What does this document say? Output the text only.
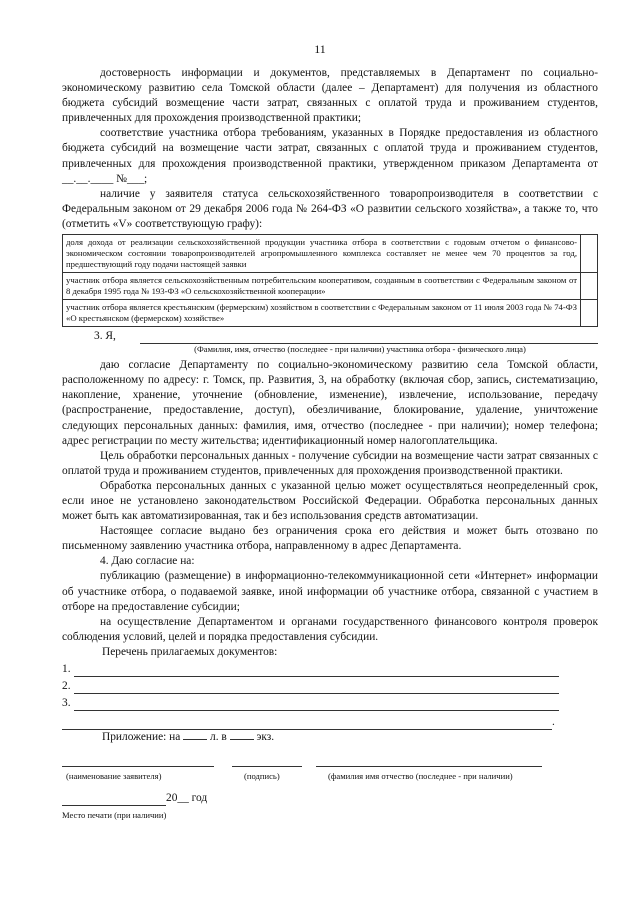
11

достоверность информации и документов, представляемых в Департамент по социально-экономическому развитию села Томской области (далее – Департамент) для получения из областного бюджета субсидий возмещение части затрат, связанных с оплатой труда и проживанием студентов, привлеченных для прохождения производственной практики;

соответствие участника отбора требованиям, указанных в Порядке предоставления из областного бюджета субсидий на возмещение части затрат, связанных с оплатой труда и проживанием студентов, привлеченных для прохождения производственной практики, утвержденном приказом Департамента от __.__.____ №___;

наличие у заявителя статуса сельскохозяйственного товаропроизводителя в соответствии с Федеральным законом от 29 декабря 2006 года № 264-ФЗ «О развитии сельского хозяйства», а также то, что (отметить «V» соответствующую графу):

доля дохода от реализации сельскохозяйственной продукции участника отбора в соответствии с годовым отчетом о финансово-экономическом состоянии товаропроизводителей агропромышленного комплекса составляет не менее чем 70 процентов за год, предшествующий году подачи настоящей заявки	
участник отбора является сельскохозяйственным потребительским кооперативом, созданным в соответствии с Федеральным законом от 8 декабря 1995 года № 193-ФЗ «О сельскохозяйственной кооперации»	
участник отбора является крестьянским (фермерским) хозяйством в соответствии с Федеральным законом от 11 июля 2003 года № 74-ФЗ «О крестьянском (фермерском) хозяйстве»	
3. Я,
(Фамилия, имя, отчество (последнее - при наличии) участника отбора - физического лица)

даю согласие Департаменту по социально-экономическому развитию села Томской области, расположенному по адресу: г. Томск, пр. Развития, 3, на обработку (включая сбор, запись, систематизацию, накопление, хранение, уточнение (обновление, изменение), извлечение, использование, передачу (распространение, предоставление, доступ), обезличивание, блокирование, удаление, уничтожение следующих персональных данных: фамилия, имя, отчество (последнее - при наличии); номер телефона; адрес регистрации по месту жительства; идентификационный номер налогоплательщика.

Цель обработки персональных данных - получение субсидии на возмещение части затрат связанных с оплатой труда и проживанием студентов, привлеченных для прохождения производственной практики.

Обработка персональных данных с указанной целью может осуществляться неопределенный срок, если иное не установлено законодательством Российской Федерации. Обработка персональных данных может быть как автоматизированная, так и без использования средств автоматизации.

Настоящее согласие выдано без ограничения срока его действия и может быть отозвано по письменному заявлению участника отбора, направленному в адрес Департамента.

4. Даю согласие на:

публикацию (размещение) в информационно-телекоммуникационной сети «Интернет» информации об участнике отбора, о подаваемой заявке, иной информации об участнике отбора, связанной с участием в отборе на предоставление субсидии;

на осуществление Департаментом и органами государственного финансового контроля проверок соблюдения условий, целей и порядка предоставления субсидии.

Перечень прилагаемых документов:

1.
2.
3.
.

Приложение: на	л. в	экз.

(наименование заявителя)	(подпись)	(фамилия имя отчество (последнее - при наличии)
20__ год
Место печати (при наличии)
